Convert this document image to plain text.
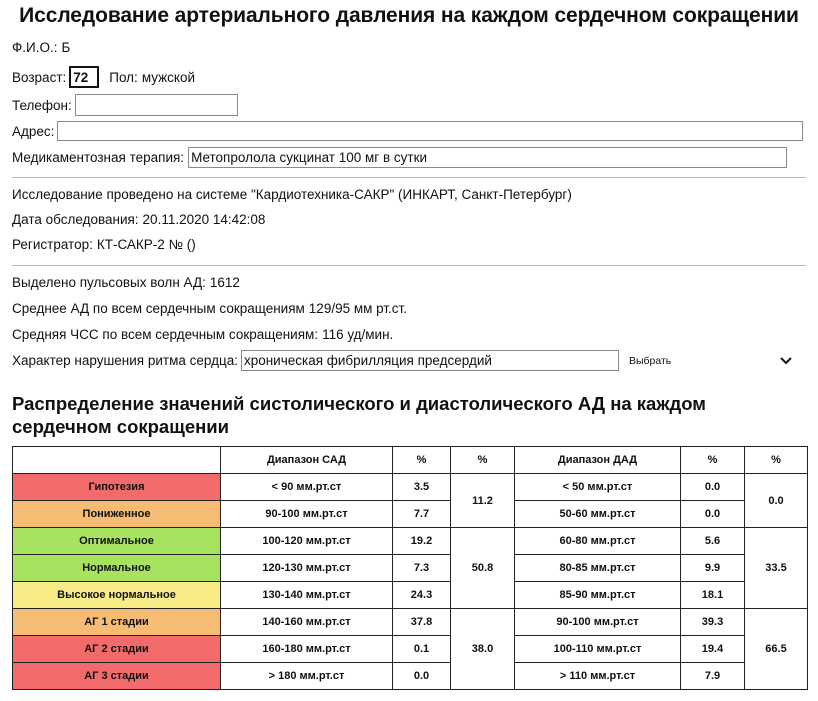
Исследование артериального давления на каждом сердечном сокращении
Ф.И.О.: Б
Возраст: 72	Пол: мужской
Телефон:
Адрес:
Медикаментозная терапия: Метопролола сукцинат 100 мг в сутки
Исследование проведено на системе "Кардиотехника-САКР" (ИНКАРТ, Санкт-Петербург)
Дата обследования: 20.11.2020 14:42:08
Регистратор: КТ-САКР-2 № ()
Выделено пульсовых волн АД: 1612
Среднее АД по всем сердечным сокращениям 129/95 мм рт.ст.
Средняя ЧСС по всем сердечным сокращениям: 116 уд/мин.
Характер нарушения ритма сердца: хроническая фибрилляция предсердий	Выбрать
Распределение значений систолического и диастолического АД на каждом сердечном сокращении
	Диапазон САД	%	%	Диапазон ДАД	%	%
Гипотезия	< 90 мм.рт.ст	3.5	11.2	< 50 мм.рт.ст	0.0	0.0
Пониженное	90-100 мм.рт.ст	7.7		50-60 мм.рт.ст	0.0	
Оптимальное	100-120 мм.рт.ст	19.2	50.8	60-80 мм.рт.ст	5.6	33.5
Нормальное	120-130 мм.рт.ст	7.3		80-85 мм.рт.ст	9.9	
Высокое нормальное	130-140 мм.рт.ст	24.3		85-90 мм.рт.ст	18.1	
АГ 1 стадии	140-160 мм.рт.ст	37.8	38.0	90-100 мм.рт.ст	39.3	66.5
АГ 2 стадии	160-180 мм.рт.ст	0.1		100-110 мм.рт.ст	19.4	
АГ 3 стадии	> 180 мм.рт.ст	0.0		> 110 мм.рт.ст	7.9	
